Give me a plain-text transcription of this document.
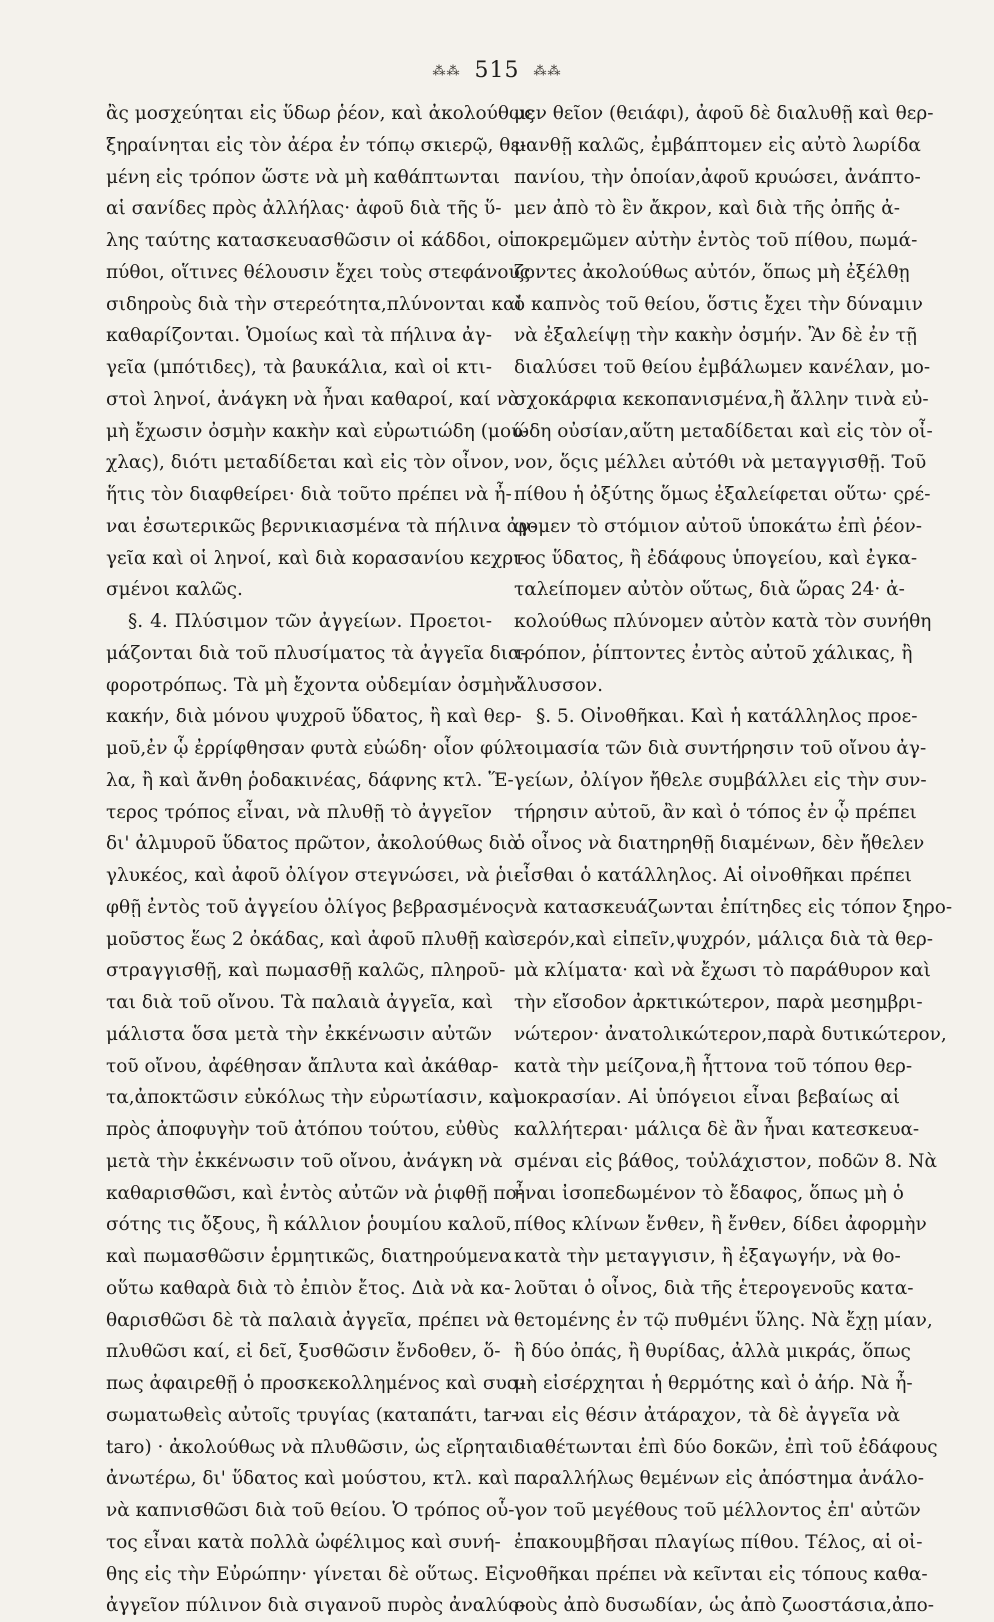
⁂⁂ 515 ⁂⁂
ἂς μοσχεύηται εἰς ὕδωρ ῥέον, καὶ ἀκολούθως
ξηραίνηται εἰς τὸν ἀέρα ἐν τόπῳ σκιερῷ, θε-
μένη εἰς τρόπον ὥστε νὰ μὴ καθάπτωνται
αἱ σανίδες πρὸς ἀλλήλας· ἀφοῦ διὰ τῆς ὕ-
λης ταύτης κατασκευασθῶσιν οἱ κάδδοι, οἱ
πύθοι, οἵτινες θέλουσιν ἔχει τοὺς στεφάνους
σιδηροὺς διὰ τὴν στερεότητα,πλύνονται καὶ
καθαρίζονται. Ὁμοίως καὶ τὰ πήλινα ἀγ-
γεῖα (μπότιδες), τὰ βαυκάλια, καὶ οἱ κτι-
στοὶ ληνοί, ἀνάγκη νὰ ἦναι καθαροί, καί νὰ
μὴ ἔχωσιν ὀσμὴν κακὴν καὶ εὐρωτιώδη (μού-
χλας), διότι μεταδίδεται καὶ εἰς τὸν οἶνον,
ἥτις τὸν διαφθείρει· διὰ τοῦτο πρέπει νὰ ἦ-
ναι ἐσωτερικῶς βερνικιασμένα τὰ πήλινα ἀγ-
γεῖα καὶ οἱ ληνοί, καὶ διὰ κορασανίου κεχρι-
σμένοι καλῶς.
§. 4. Πλύσιμον τῶν ἀγγείων. Προετοι-
μάζονται διὰ τοῦ πλυσίματος τὰ ἀγγεῖα δια-
φοροτρόπως. Τὰ μὴ ἔχοντα οὐδεμίαν ὀσμὴν
κακήν, διὰ μόνου ψυχροῦ ὕδατος, ἢ καὶ θερ-
μοῦ,ἐν ᾧ ἐρρίφθησαν φυτὰ εὐώδη· οἷον φύλ-
λα, ἢ καὶ ἄνθη ῥοδακινέας, δάφνης κτλ. Ἕ-
τερος τρόπος εἶναι, νὰ πλυθῇ τὸ ἀγγεῖον
δι' ἀλμυροῦ ὕδατος πρῶτον, ἀκολούθως διὰ
γλυκέος, καὶ ἀφοῦ ὀλίγον στεγνώσει, νὰ ῥι-
φθῇ ἐντὸς τοῦ ἀγγείου ὀλίγος βεβρασμένος
μοῦστος ἕως 2 ὀκάδας, καὶ ἀφοῦ πλυθῇ καὶ
στραγγισθῇ, καὶ πωμασθῇ καλῶς, πληροῦ-
ται διὰ τοῦ οἴνου. Τὰ παλαιὰ ἀγγεῖα, καὶ
μάλιστα ὅσα μετὰ τὴν ἐκκένωσιν αὐτῶν
τοῦ οἴνου, ἀφέθησαν ἄπλυτα καὶ ἀκάθαρ-
τα,ἀποκτῶσιν εὐκόλως τὴν εὐρωτίασιν, καὶ
πρὸς ἀποφυγὴν τοῦ ἀτόπου τούτου, εὐθὺς
μετὰ τὴν ἐκκένωσιν τοῦ οἴνου, ἀνάγκη νὰ
καθαρισθῶσι, καὶ ἐντὸς αὐτῶν νὰ ῥιφθῇ πο-
σότης τις ὄξους, ἢ κάλλιον ῥουμίου καλοῦ,
καὶ πωμασθῶσιν ἑρμητικῶς, διατηρούμενα
οὕτω καθαρὰ διὰ τὸ ἐπιὸν ἔτος. Διὰ νὰ κα-
θαρισθῶσι δὲ τὰ παλαιὰ ἀγγεῖα, πρέπει νὰ
πλυθῶσι καί, εἰ δεῖ, ξυσθῶσιν ἔνδοθεν, ὅ-
πως ἀφαιρεθῇ ὁ προσκεκολλημένος καὶ συσ-
σωματωθεὶς αὐτοῖς τρυγίας (καταπάτι, tar-
taro) · ἀκολούθως νὰ πλυθῶσιν, ὡς εἴρηται
ἀνωτέρω, δι' ὕδατος καὶ μούστου, κτλ. καὶ
νὰ καπνισθῶσι διὰ τοῦ θείου. Ὁ τρόπος οὗ-
τος εἶναι κατὰ πολλὰ ὠφέλιμος καὶ συνή-
θης εἰς τὴν Εὐρώπην· γίνεται δὲ οὕτως. Εἰς
ἀγγεῖον πύλινον διὰ σιγανοῦ πυρὸς ἀναλύο-
μεν θεῖον (θειάφι), ἀφοῦ δὲ διαλυθῇ καὶ θερ-
μανθῇ καλῶς, ἐμβάπτομεν εἰς αὐτὸ λωρίδα
πανίου, τὴν ὁποίαν,ἀφοῦ κρυώσει, ἀνάπτο-
μεν ἀπὸ τὸ ἓν ἄκρον, καὶ διὰ τῆς ὀπῆς ἀ-
ποκρεμῶμεν αὐτὴν ἐντὸς τοῦ πίθου, πωμά-
ζοντες ἀκολούθως αὐτόν, ὅπως μὴ ἐξέλθῃ
ὁ καπνὸς τοῦ θείου, ὅστις ἔχει τὴν δύναμιν
νὰ ἐξαλείψῃ τὴν κακὴν ὀσμήν. Ἂν δὲ ἐν τῇ
διαλύσει τοῦ θείου ἐμβάλωμεν κανέλαν, μο-
σχοκάρφια κεκοπανισμένα,ἢ ἄλλην τινὰ εὐ-
ώδη οὐσίαν,αὕτη μεταδίδεται καὶ εἰς τὸν οἶ-
νον, ὅςις μέλλει αὐτόθι νὰ μεταγγισθῇ. Τοῦ
πίθου ἡ ὀξύτης ὅμως ἐξαλείφεται οὕτω· ςρέ-
φομεν τὸ στόμιον αὐτοῦ ὑποκάτω ἐπὶ ῥέον-
τος ὕδατος, ἢ ἐδάφους ὑπογείου, καὶ ἐγκα-
ταλείπομεν αὐτὸν οὕτως, διὰ ὥρας 24· ἀ-
κολούθως πλύνομεν αὐτὸν κατὰ τὸν συνήθη
τρόπον, ῥίπτοντες ἐντὸς αὐτοῦ χάλικας, ἢ
ἄλυσσον.
§. 5. Οἰνοθῆκαι. Καὶ ἡ κατάλληλος προε-
τοιμασία τῶν διὰ συντήρησιν τοῦ οἴνου ἀγ-
γείων, ὀλίγον ἤθελε συμβάλλει εἰς τὴν συν-
τήρησιν αὐτοῦ, ἂν καὶ ὁ τόπος ἐν ᾧ πρέπει
ὁ οἶνος νὰ διατηρηθῇ διαμένων, δὲν ἤθελεν
εἶσθαι ὁ κατάλληλος. Αἱ οἰνοθῆκαι πρέπει
νὰ κατασκευάζωνται ἐπίτηδες εἰς τόπον ξηρο-
σερόν,καὶ εἰπεῖν,ψυχρόν, μάλιςα διὰ τὰ θερ-
μὰ κλίματα· καὶ νὰ ἔχωσι τὸ παράθυρον καὶ
τὴν εἴσοδον ἀρκτικώτερον, παρὰ μεσημβρι-
νώτερον· ἀνατολικώτερον,παρὰ δυτικώτερον,
κατὰ τὴν μείζονα,ἢ ἧττονα τοῦ τόπου θερ-
μοκρασίαν. Αἱ ὑπόγειοι εἶναι βεβαίως αἱ
καλλήτεραι· μάλιςα δὲ ἂν ἦναι κατεσκευα-
σμέναι εἰς βάθος, τοὐλάχιστον, ποδῶν 8. Νὰ
ἦναι ἰσοπεδωμένον τὸ ἔδαφος, ὅπως μὴ ὁ
πίθος κλίνων ἔνθεν, ἢ ἔνθεν, δίδει ἀφορμὴν
κατὰ τὴν μεταγγισιν, ἢ ἐξαγωγήν, νὰ θο-
λοῦται ὁ οἶνος, διὰ τῆς ἑτερογενοῦς κατα-
θετομένης ἐν τῷ πυθμένι ὕλης. Νὰ ἔχῃ μίαν,
ἢ δύο ὀπάς, ἢ θυρίδας, ἀλλὰ μικράς, ὅπως
μὴ εἰσέρχηται ἡ θερμότης καὶ ὁ ἀήρ. Νὰ ἦ-
ναι εἰς θέσιν ἀτάραχον, τὰ δὲ ἀγγεῖα νὰ
διαθέτωνται ἐπὶ δύο δοκῶν, ἐπὶ τοῦ ἐδάφους
παραλλήλως θεμένων εἰς ἀπόστημα ἀνάλο-
γον τοῦ μεγέθους τοῦ μέλλοντος ἐπ' αὐτῶν
ἐπακουμβῆσαι πλαγίως πίθου. Τέλος, αἱ οἰ-
νοθῆκαι πρέπει νὰ κεῖνται εἰς τόπους καθα-
ροὺς ἀπὸ δυσωδίαν, ὡς ἀπὸ ζωοστάσια,ἀπο-
